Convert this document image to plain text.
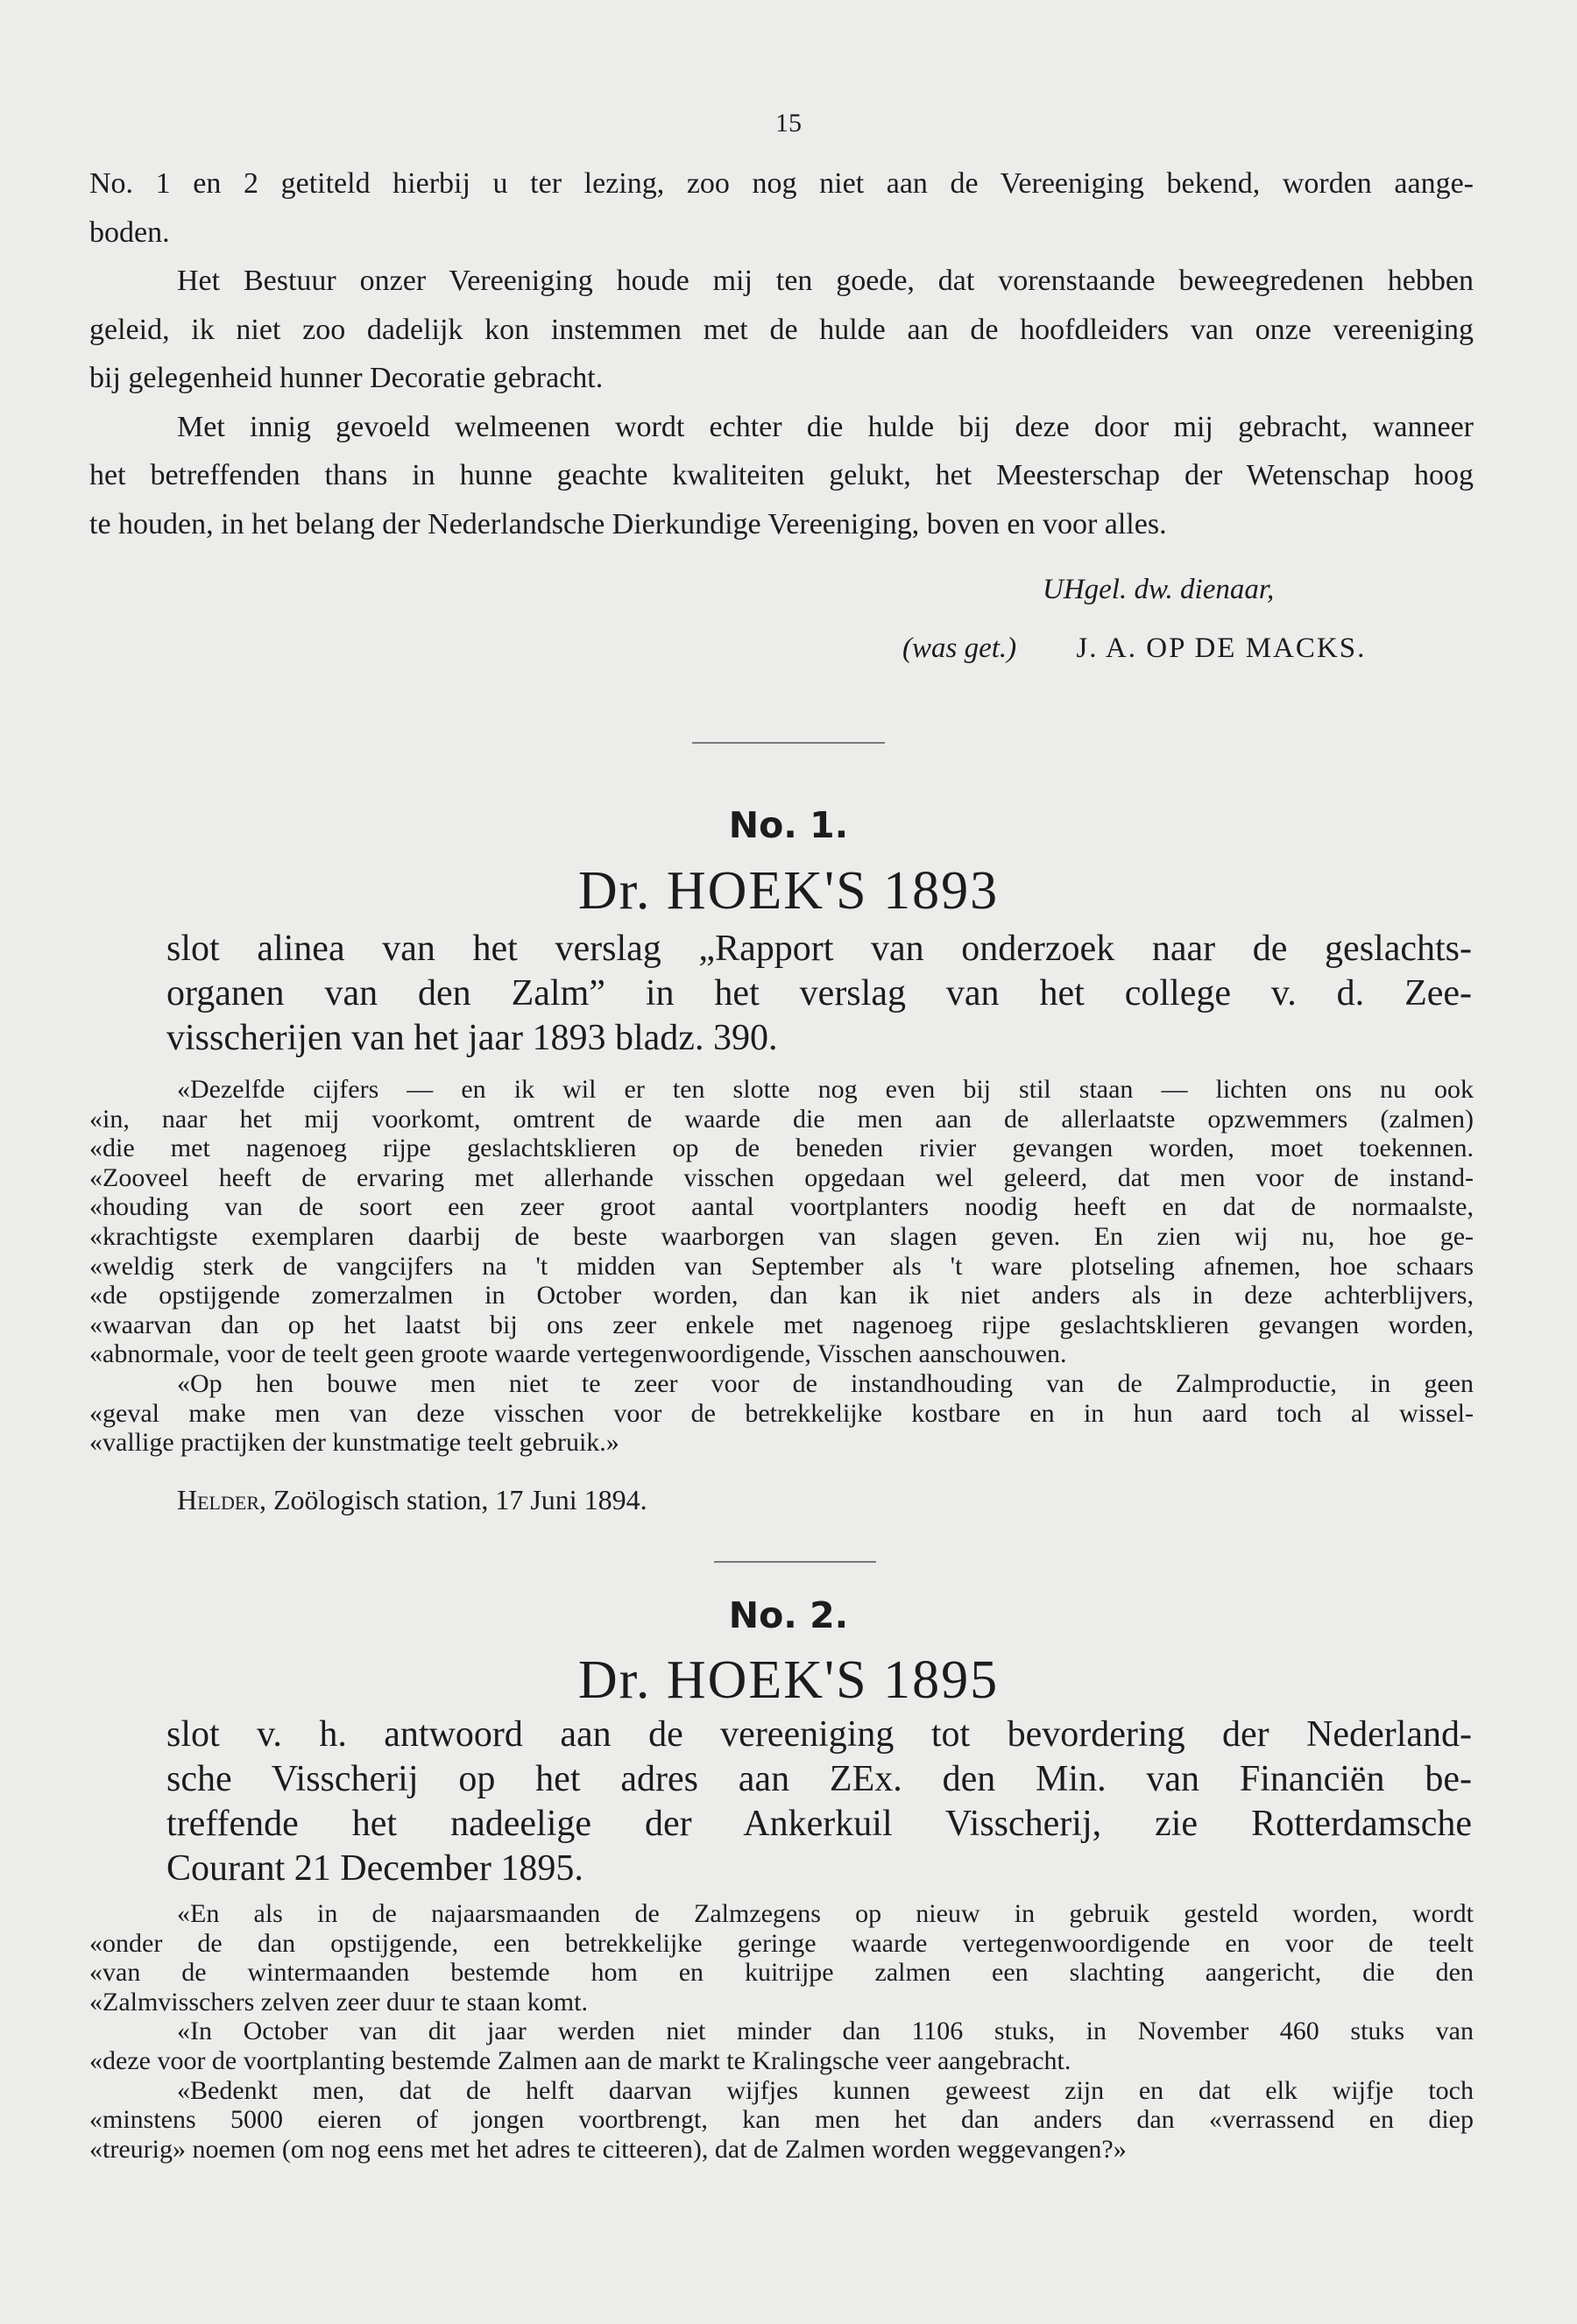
15

No. 1 en 2 getiteld hierbij u ter lezing, zoo nog niet aan de Vereeniging bekend, worden aange-

boden.

Het Bestuur onzer Vereeniging houde mij ten goede, dat vorenstaande beweegredenen hebben

geleid, ik niet zoo dadelijk kon instemmen met de hulde aan de hoofdleiders van onze vereeniging

bij gelegenheid hunner Decoratie gebracht.

Met innig gevoeld welmeenen wordt echter die hulde bij deze door mij gebracht, wanneer

het betreffenden thans in hunne geachte kwaliteiten gelukt, het Meesterschap der Wetenschap hoog

te houden, in het belang der Nederlandsche Dierkundige Vereeniging, boven en voor alles.

UHgel. dw. dienaar,
(was get.) J. A. OP DE MACKS.
No. 1.
Dr. HOEK'S 1893

slot alinea van het verslag „Rapport van onderzoek naar de geslachts-

organen van den Zalm” in het verslag van het college v. d. Zee-

visscherijen van het jaar 1893 bladz. 390.

«Dezelfde cijfers — en ik wil er ten slotte nog even bij stil staan — lichten ons nu ook

«in, naar het mij voorkomt, omtrent de waarde die men aan de allerlaatste opzwemmers (zalmen)

«die met nagenoeg rijpe geslachtsklieren op de beneden rivier gevangen worden, moet toekennen.

«Zooveel heeft de ervaring met allerhande visschen opgedaan wel geleerd, dat men voor de instand-

«houding van de soort een zeer groot aantal voortplanters noodig heeft en dat de normaalste,

«krachtigste exemplaren daarbij de beste waarborgen van slagen geven. En zien wij nu, hoe ge-

«weldig sterk de vangcijfers na 't midden van September als 't ware plotseling afnemen, hoe schaars

«de opstijgende zomerzalmen in October worden, dan kan ik niet anders als in deze achterblijvers,

«waarvan dan op het laatst bij ons zeer enkele met nagenoeg rijpe geslachtsklieren gevangen worden,

«abnormale, voor de teelt geen groote waarde vertegenwoordigende, Visschen aanschouwen.

«Op hen bouwe men niet te zeer voor de instandhouding van de Zalmproductie, in geen

«geval make men van deze visschen voor de betrekkelijke kostbare en in hun aard toch al wissel-

«vallige practijken der kunstmatige teelt gebruik.»

Helder, Zoölogisch station, 17 Juni 1894.
No. 2.
Dr. HOEK'S 1895

slot v. h. antwoord aan de vereeniging tot bevordering der Nederland-

sche Visscherij op het adres aan ZEx. den Min. van Financiën be-

treffende het nadeelige der Ankerkuil Visscherij, zie Rotterdamsche

Courant 21 December 1895.

«En als in de najaarsmaanden de Zalmzegens op nieuw in gebruik gesteld worden, wordt

«onder de dan opstijgende, een betrekkelijke geringe waarde vertegenwoordigende en voor de teelt

«van de wintermaanden bestemde hom en kuitrijpe zalmen een slachting aangericht, die den

«Zalmvisschers zelven zeer duur te staan komt.

«In October van dit jaar werden niet minder dan 1106 stuks, in November 460 stuks van

«deze voor de voortplanting bestemde Zalmen aan de markt te Kralingsche veer aangebracht.

«Bedenkt men, dat de helft daarvan wijfjes kunnen geweest zijn en dat elk wijfje toch

«minstens 5000 eieren of jongen voortbrengt, kan men het dan anders dan «verrassend en diep

«treurig» noemen (om nog eens met het adres te citteeren), dat de Zalmen worden weggevangen?»
